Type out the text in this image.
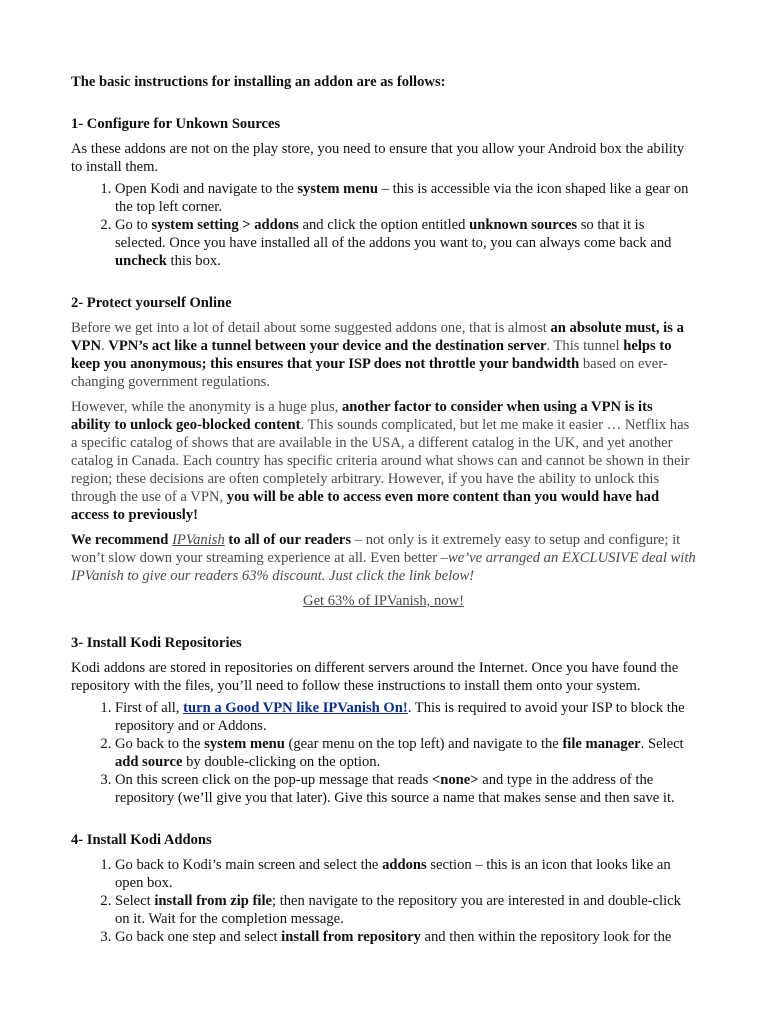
The basic instructions for installing an addon are as follows:

1- Configure for Unkown Sources

As these addons are not on the play store, you need to ensure that you allow your Android box the ability to install them.

1. Open Kodi and navigate to the system menu – this is accessible via the icon shaped like a gear on the top left corner.
2. Go to system setting > addons and click the option entitled unknown sources so that it is selected. Once you have installed all of the addons you want to, you can always come back and uncheck this box.

2- Protect yourself Online

Before we get into a lot of detail about some suggested addons one, that is almost an absolute must, is a VPN. VPN’s act like a tunnel between your device and the destination server. This tunnel helps to keep you anonymous; this ensures that your ISP does not throttle your bandwidth based on ever-changing government regulations.

However, while the anonymity is a huge plus, another factor to consider when using a VPN is its ability to unlock geo-blocked content. This sounds complicated, but let me make it easier … Netflix has a specific catalog of shows that are available in the USA, a different catalog in the UK, and yet another catalog in Canada. Each country has specific criteria around what shows can and cannot be shown in their region; these decisions are often completely arbitrary. However, if you have the ability to unlock this through the use of a VPN, you will be able to access even more content than you would have had access to previously!

We recommend IPVanish to all of our readers – not only is it extremely easy to setup and configure; it won’t slow down your streaming experience at all. Even better –we’ve arranged an EXCLUSIVE deal with IPVanish to give our readers 63% discount. Just click the link below!

Get 63% of IPVanish, now!

3- Install Kodi Repositories

Kodi addons are stored in repositories on different servers around the Internet. Once you have found the repository with the files, you’ll need to follow these instructions to install them onto your system.

1. First of all, turn a Good VPN like IPVanish On!. This is required to avoid your ISP to block the repository and or Addons.
2. Go back to the system menu (gear menu on the top left) and navigate to the file manager. Select add source by double-clicking on the option.
3. On this screen click on the pop-up message that reads <none> and type in the address of the repository (we’ll give you that later). Give this source a name that makes sense and then save it.

4- Install Kodi Addons

1. Go back to Kodi’s main screen and select the addons section – this is an icon that looks like an open box.
2. Select install from zip file; then navigate to the repository you are interested in and double-click on it. Wait for the completion message.
3. Go back one step and select install from repository and then within the repository look for the
